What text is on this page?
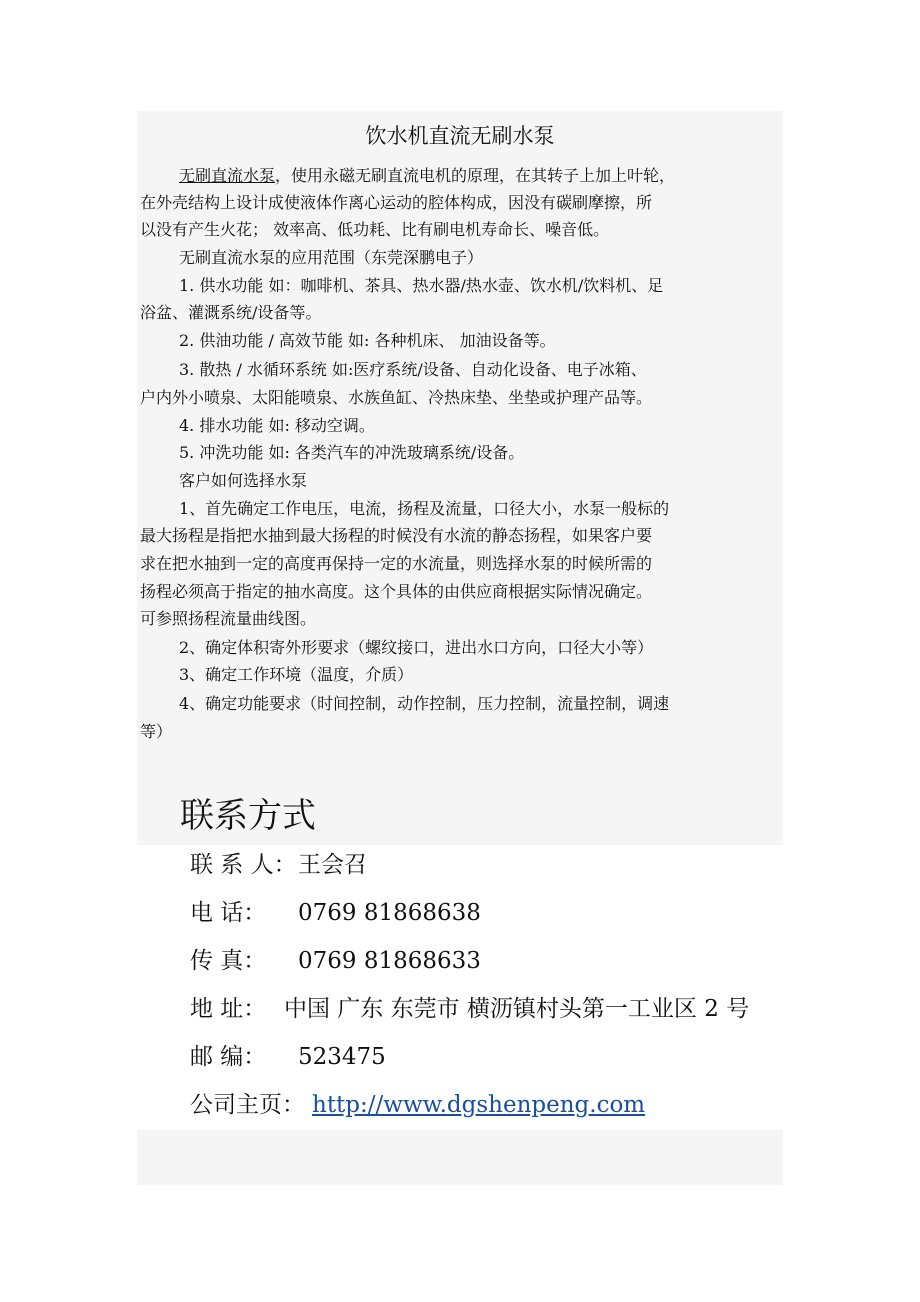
饮水机直流无刷水泵
无刷直流水泵，使用永磁无刷直流电机的原理，在其转子上加上叶轮，
在外壳结构上设计成使液体作离心运动的腔体构成，因没有碳刷摩擦，所
以没有产生火花； 效率高、低功耗、比有刷电机寿命长、噪音低。
无刷直流水泵的应用范围（东莞深鹏电子）
1. 供水功能 如：咖啡机、茶具、热水器/热水壶、饮水机/饮料机、足
浴盆、灌溉系统/设备等。
2. 供油功能 / 高效节能 如: 各种机床、 加油设备等。
3. 散热 / 水循环系统 如:医疗系统/设备、自动化设备、电子冰箱、
户内外小喷泉、太阳能喷泉、水族鱼缸、冷热床垫、坐垫或护理产品等。
4. 排水功能 如: 移动空调。
5. 冲洗功能 如: 各类汽车的冲洗玻璃系统/设备。
客户如何选择水泵
1、首先确定工作电压，电流，扬程及流量，口径大小，水泵一般标的
最大扬程是指把水抽到最大扬程的时候没有水流的静态扬程，如果客户要
求在把水抽到一定的高度再保持一定的水流量，则选择水泵的时候所需的
扬程必须高于指定的抽水高度。这个具体的由供应商根据实际情况确定。
可参照扬程流量曲线图。
2、确定体积寄外形要求（螺纹接口，进出水口方向，口径大小等）
3、确定工作环境（温度，介质）
4、确定功能要求（时间控制，动作控制，压力控制，流量控制，调速
等）
联系方式
联 系 人：王会召
电 话： 0769 81868638
传 真： 0769 81868633
地 址： 中国 广东 东莞市 横沥镇村头第一工业区 2 号
邮 编： 523475
公司主页： http://www.dgshenpeng.com
